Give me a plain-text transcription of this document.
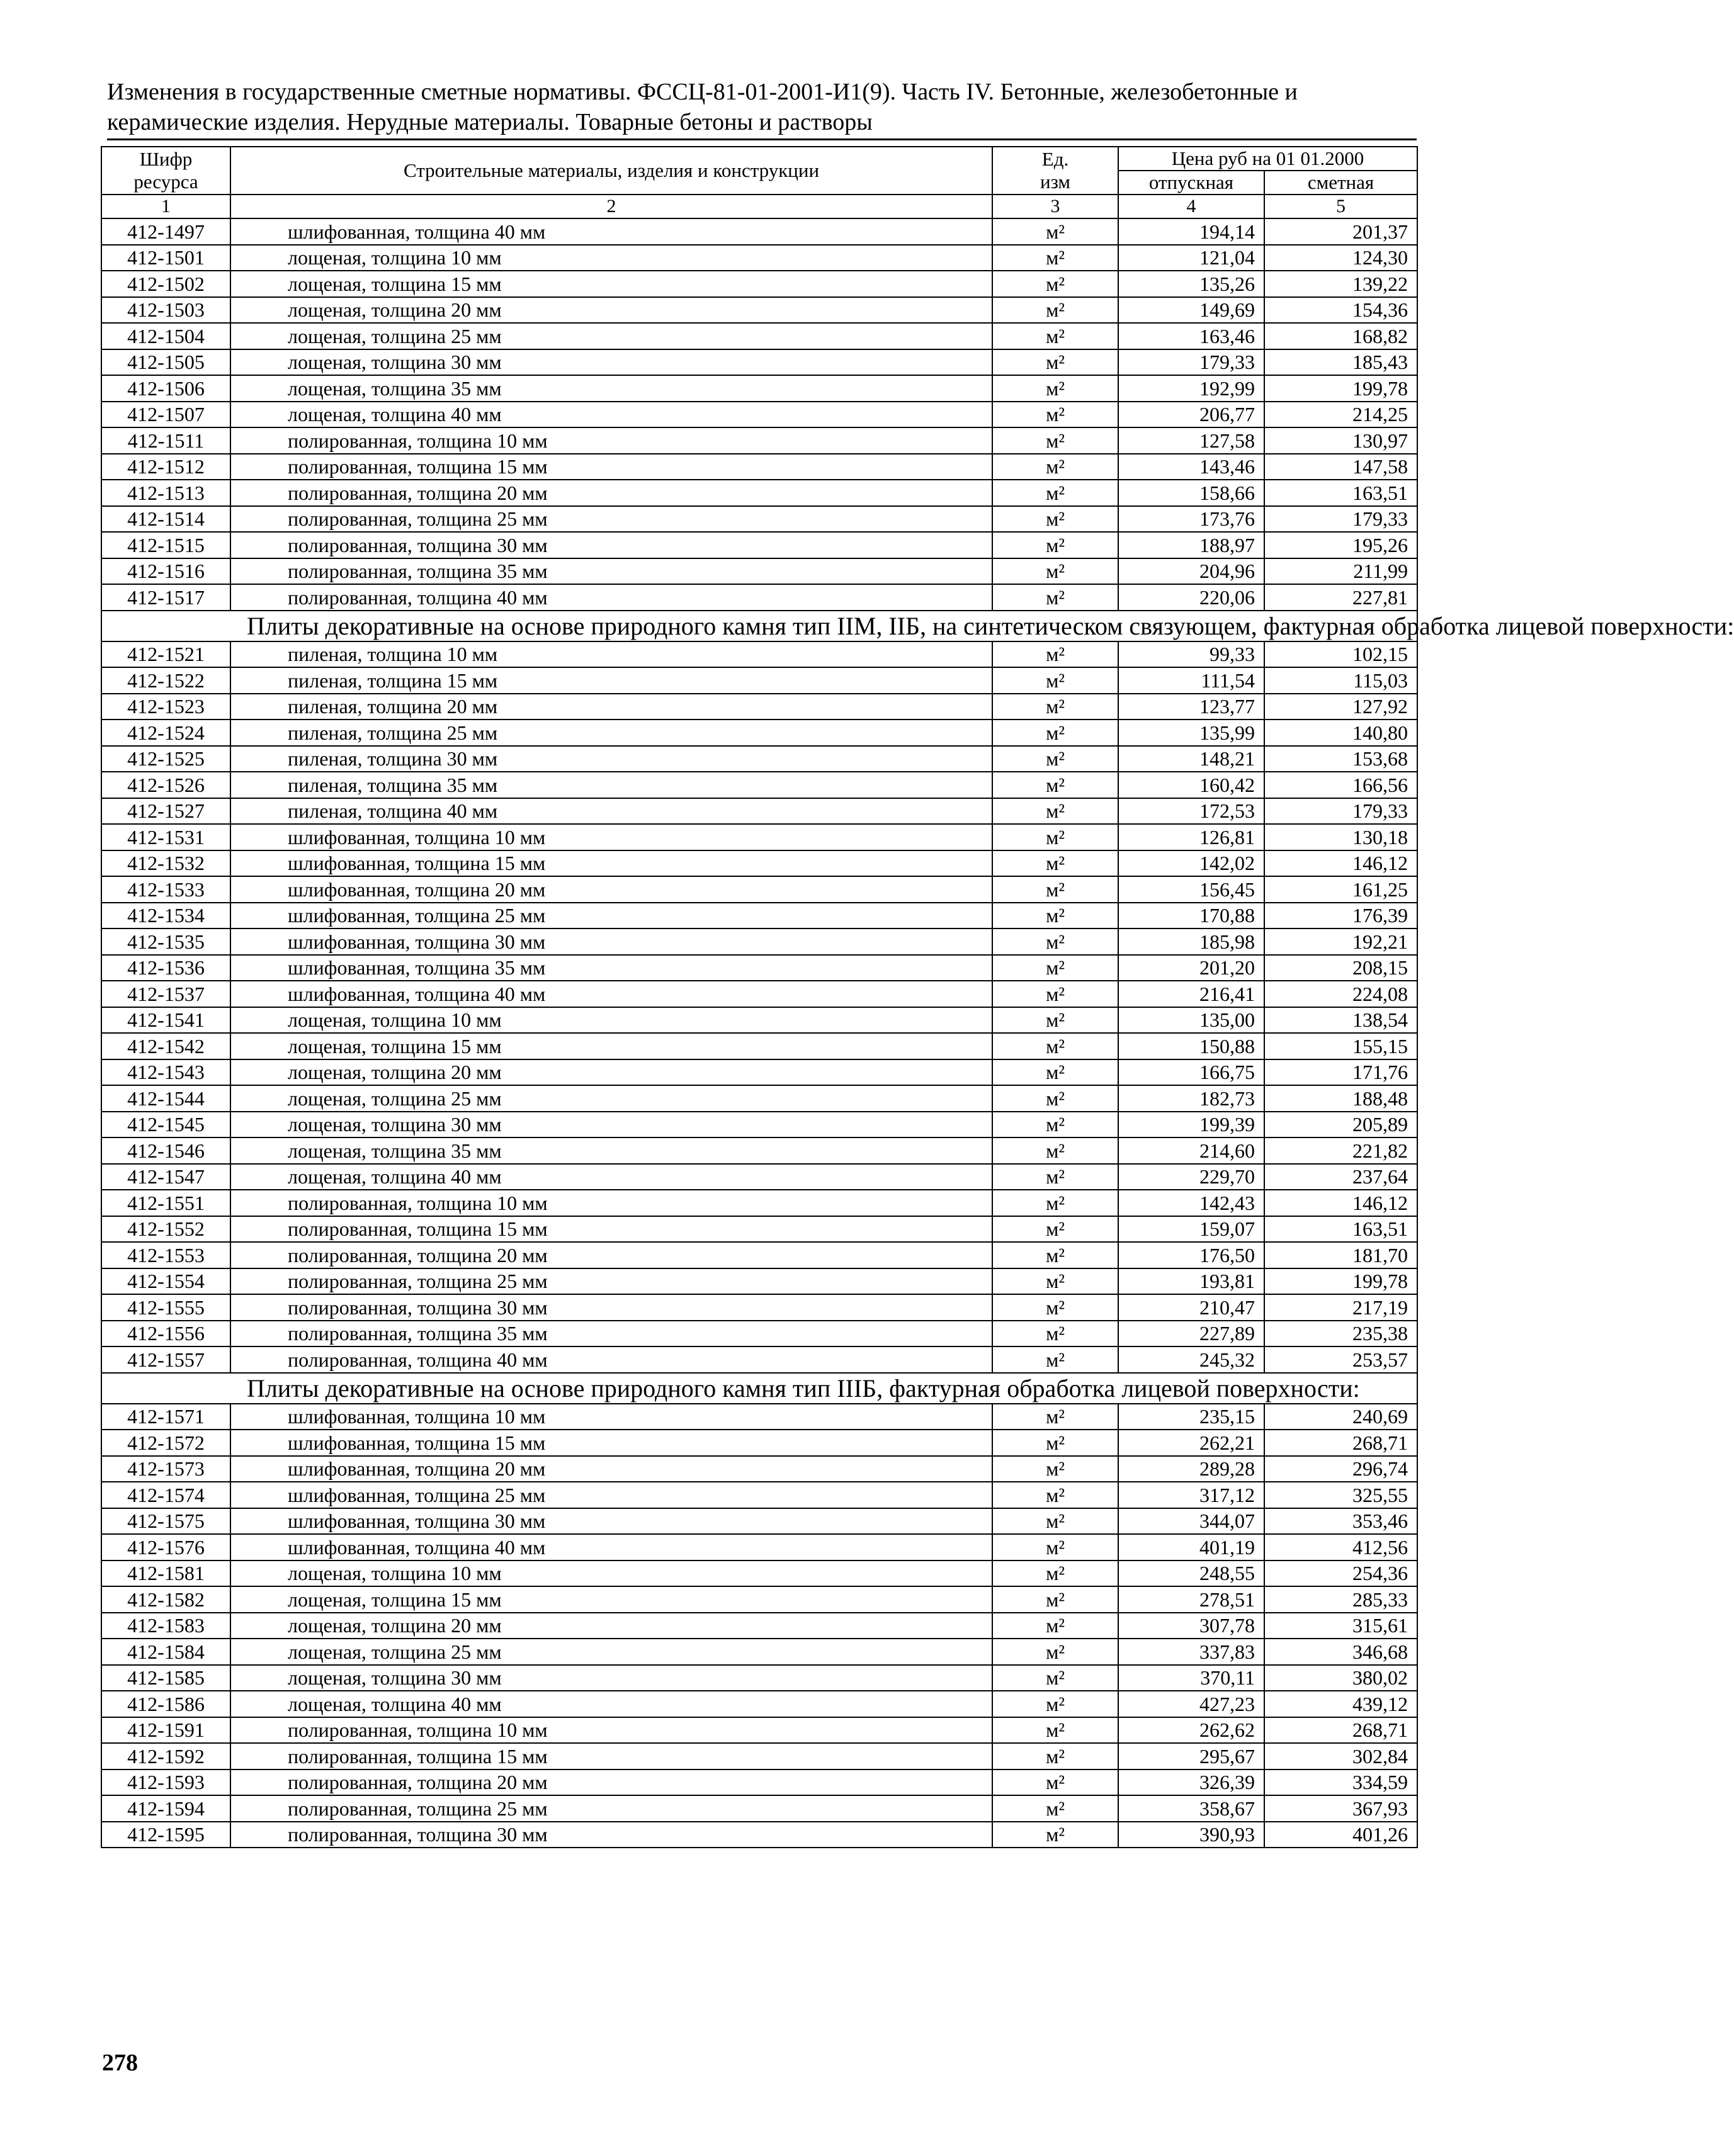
Изменения в государственные сметные нормативы. ФССЦ-81-01-2001-И1(9). Часть IV. Бетонные, железобетонные и
керамические изделия. Нерудные материалы. Товарные бетоны и растворы
Шифр ресурса	Строительные материалы, изделия и конструкции	Ед. изм	Цена руб на 01 01.2000	
			отпускная	сметная
1	2	3	4	5
412-1497	шлифованная, толщина 40 мм	м²	194,14	201,37
412-1501	лощеная, толщина 10 мм	м²	121,04	124,30
412-1502	лощеная, толщина 15 мм	м²	135,26	139,22
412-1503	лощеная, толщина 20 мм	м²	149,69	154,36
412-1504	лощеная, толщина 25 мм	м²	163,46	168,82
412-1505	лощеная, толщина 30 мм	м²	179,33	185,43
412-1506	лощеная, толщина 35 мм	м²	192,99	199,78
412-1507	лощеная, толщина 40 мм	м²	206,77	214,25
412-1511	полированная, толщина 10 мм	м²	127,58	130,97
412-1512	полированная, толщина 15 мм	м²	143,46	147,58
412-1513	полированная, толщина 20 мм	м²	158,66	163,51
412-1514	полированная, толщина 25 мм	м²	173,76	179,33
412-1515	полированная, толщина 30 мм	м²	188,97	195,26
412-1516	полированная, толщина 35 мм	м²	204,96	211,99
412-1517	полированная, толщина 40 мм	м²	220,06	227,81

Плиты декоративные на основе природного камня тип IIМ, IIБ, на синтетическом связующем, фактурная обработка лицевой поверхности:				

412-1521	пиленая, толщина 10 мм	м²	99,33	102,15
412-1522	пиленая, толщина 15 мм	м²	111,54	115,03
412-1523	пиленая, толщина 20 мм	м²	123,77	127,92
412-1524	пиленая, толщина 25 мм	м²	135,99	140,80
412-1525	пиленая, толщина 30 мм	м²	148,21	153,68
412-1526	пиленая, толщина 35 мм	м²	160,42	166,56
412-1527	пиленая, толщина 40 мм	м²	172,53	179,33
412-1531	шлифованная, толщина 10 мм	м²	126,81	130,18
412-1532	шлифованная, толщина 15 мм	м²	142,02	146,12
412-1533	шлифованная, толщина 20 мм	м²	156,45	161,25
412-1534	шлифованная, толщина 25 мм	м²	170,88	176,39
412-1535	шлифованная, толщина 30 мм	м²	185,98	192,21
412-1536	шлифованная, толщина 35 мм	м²	201,20	208,15
412-1537	шлифованная, толщина 40 мм	м²	216,41	224,08
412-1541	лощеная, толщина 10 мм	м²	135,00	138,54
412-1542	лощеная, толщина 15 мм	м²	150,88	155,15
412-1543	лощеная, толщина 20 мм	м²	166,75	171,76
412-1544	лощеная, толщина 25 мм	м²	182,73	188,48
412-1545	лощеная, толщина 30 мм	м²	199,39	205,89
412-1546	лощеная, толщина 35 мм	м²	214,60	221,82
412-1547	лощеная, толщина 40 мм	м²	229,70	237,64
412-1551	полированная, толщина 10 мм	м²	142,43	146,12
412-1552	полированная, толщина 15 мм	м²	159,07	163,51
412-1553	полированная, толщина 20 мм	м²	176,50	181,70
412-1554	полированная, толщина 25 мм	м²	193,81	199,78
412-1555	полированная, толщина 30 мм	м²	210,47	217,19
412-1556	полированная, толщина 35 мм	м²	227,89	235,38
412-1557	полированная, толщина 40 мм	м²	245,32	253,57

Плиты декоративные на основе природного камня тип IIIБ, фактурная обработка лицевой поверхности:				

412-1571	шлифованная, толщина 10 мм	м²	235,15	240,69
412-1572	шлифованная, толщина 15 мм	м²	262,21	268,71
412-1573	шлифованная, толщина 20 мм	м²	289,28	296,74
412-1574	шлифованная, толщина 25 мм	м²	317,12	325,55
412-1575	шлифованная, толщина 30 мм	м²	344,07	353,46
412-1576	шлифованная, толщина 40 мм	м²	401,19	412,56
412-1581	лощеная, толщина 10 мм	м²	248,55	254,36
412-1582	лощеная, толщина 15 мм	м²	278,51	285,33
412-1583	лощеная, толщина 20 мм	м²	307,78	315,61
412-1584	лощеная, толщина 25 мм	м²	337,83	346,68
412-1585	лощеная, толщина 30 мм	м²	370,11	380,02
412-1586	лощеная, толщина 40 мм	м²	427,23	439,12
412-1591	полированная, толщина 10 мм	м²	262,62	268,71
412-1592	полированная, толщина 15 мм	м²	295,67	302,84
412-1593	полированная, толщина 20 мм	м²	326,39	334,59
412-1594	полированная, толщина 25 мм	м²	358,67	367,93
412-1595	полированная, толщина 30 мм	м²	390,93	401,26
278
